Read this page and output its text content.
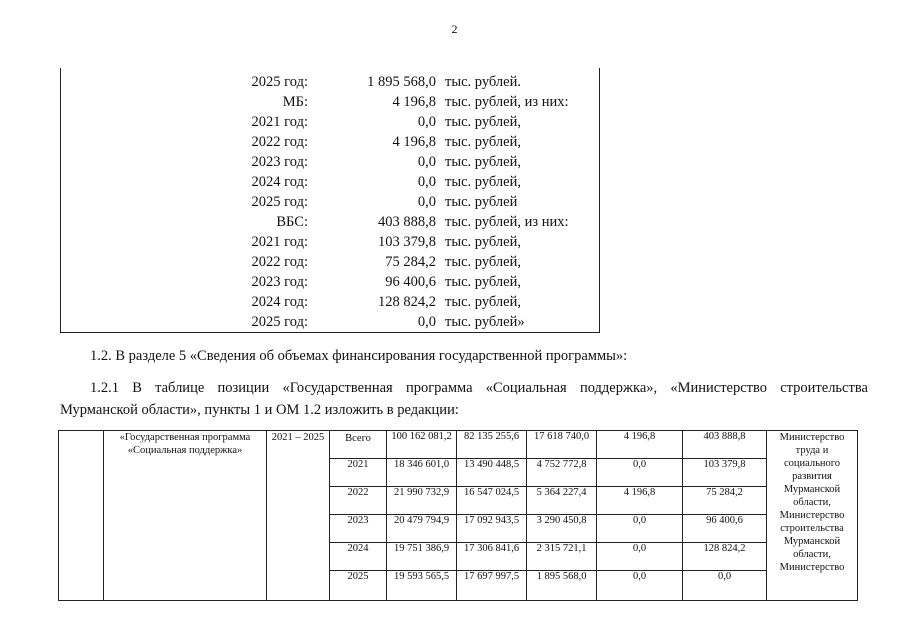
2
2025 год:	1 895 568,0 тыс. рублей.
МБ:	4 196,8 тыс. рублей, из них:
2021 год:	0,0 тыс. рублей,
2022 год:	4 196,8 тыс. рублей,
2023 год:	0,0 тыс. рублей,
2024 год:	0,0 тыс. рублей,
2025 год:	0,0 тыс. рублей
ВБС:	403 888,8 тыс. рублей, из них:
2021 год:	103 379,8 тыс. рублей,
2022 год:	75 284,2 тыс. рублей,
2023 год:	96 400,6 тыс. рублей,
2024 год:	128 824,2 тыс. рублей,
2025 год:	0,0 тыс. рублей»
1.2. В разделе 5 «Сведения об объемах финансирования государственной программы»:
1.2.1 В таблице позиции «Государственная программа «Социальная поддержка», «Министерство строительства
Мурманской области», пункты 1 и ОМ 1.2 изложить в редакции:
	«Государственная программа «Социальная поддержка»	2021 – 2025	Всего	100 162 081,2	82 135 255,6	17 618 740,0	4 196,8	403 888,8	Министерство труда и социального развития Мурманской области, Министерство строительства Мурманской области, Министерство
			2021	18 346 601,0	13 490 448,5	4 752 772,8	0,0	103 379,8	
			2022	21 990 732,9	16 547 024,5	5 364 227,4	4 196,8	75 284,2	
			2023	20 479 794,9	17 092 943,5	3 290 450,8	0,0	96 400,6	
			2024	19 751 386,9	17 306 841,6	2 315 721,1	0,0	128 824,2	
			2025	19 593 565,5	17 697 997,5	1 895 568,0	0,0	0,0	
